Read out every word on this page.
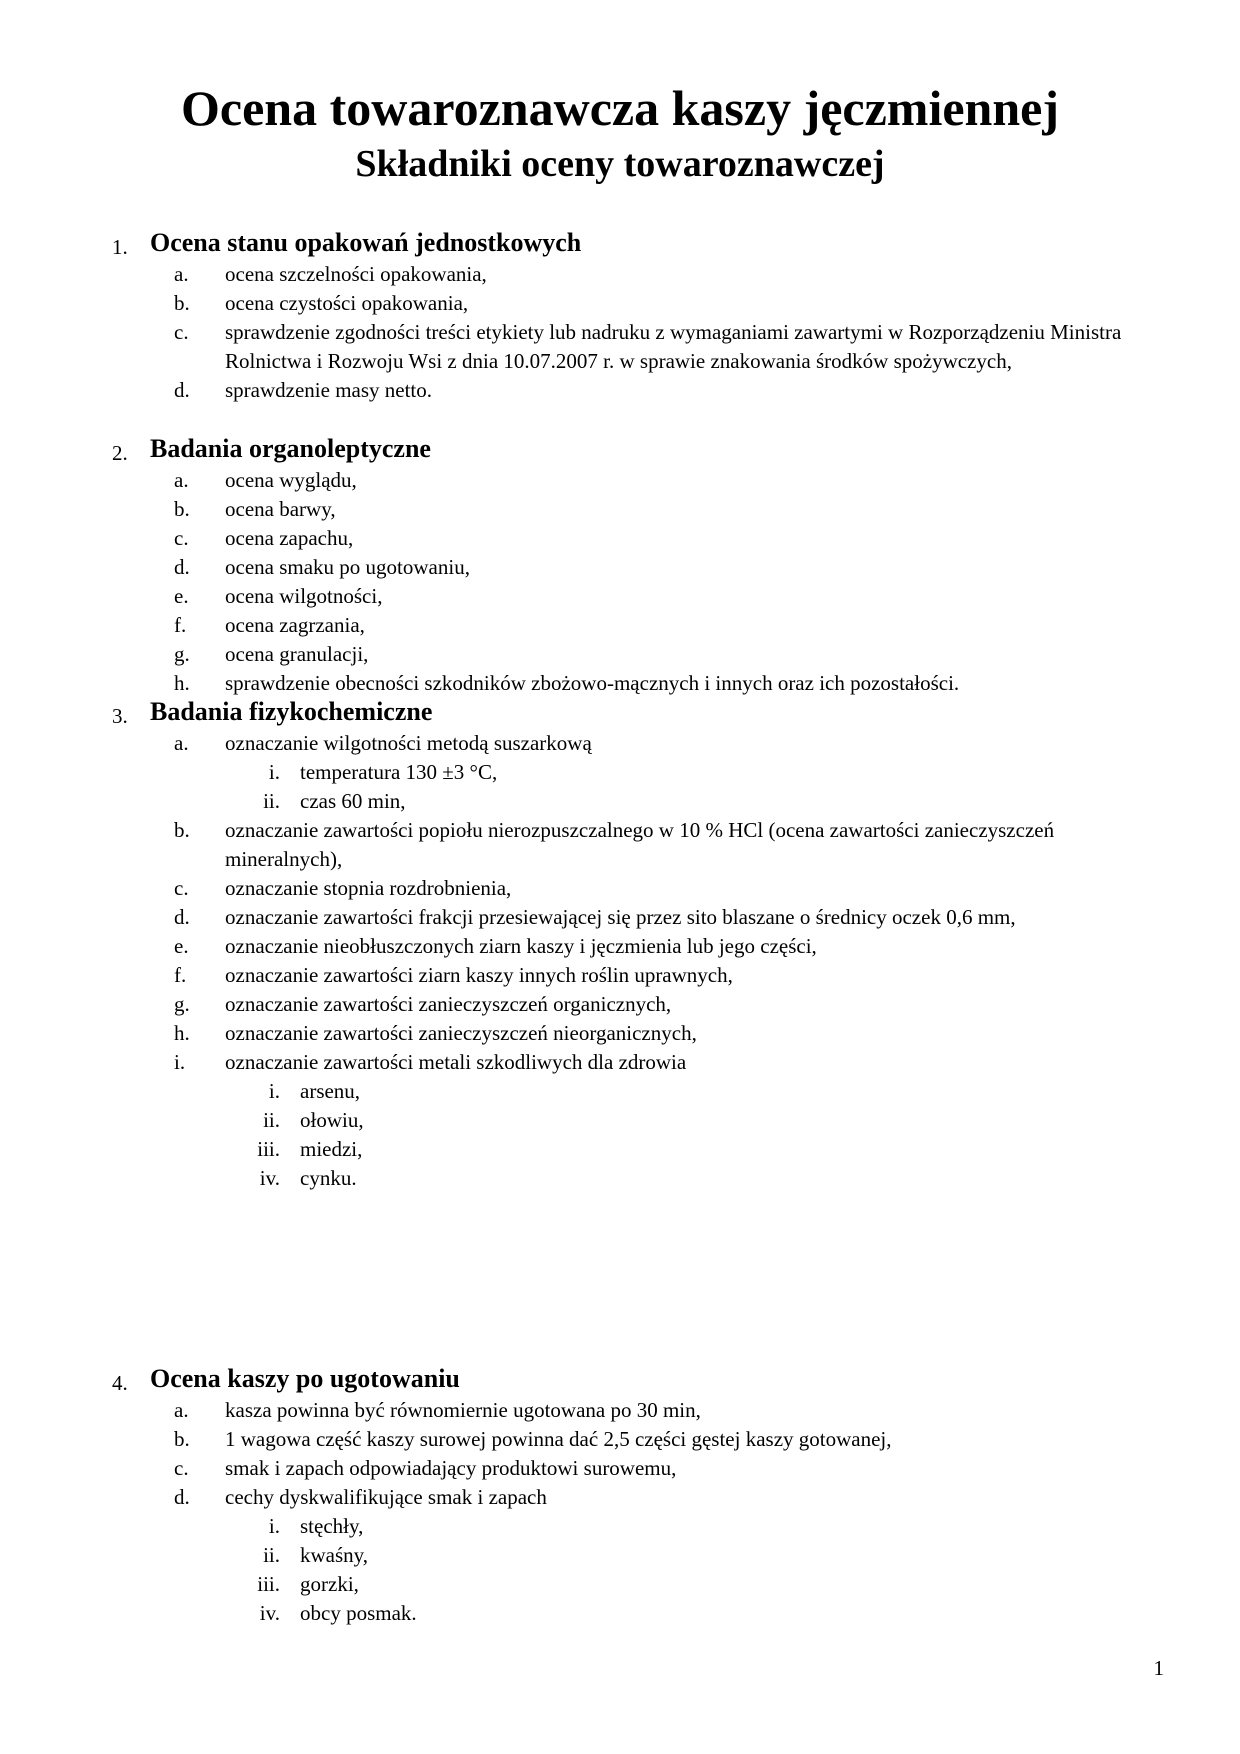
Ocena towaroznawcza kaszy jęczmiennej
Składniki oceny towaroznawczej
1. Ocena stanu opakowań jednostkowych
a.	ocena szczelności opakowania,
b.	ocena czystości opakowania,
c.	sprawdzenie zgodności treści etykiety lub nadruku z wymaganiami zawartymi w Rozporządzeniu Ministra Rolnictwa i Rozwoju Wsi z dnia 10.07.2007 r. w sprawie znakowania środków spożywczych,
d.	sprawdzenie masy netto.
2. Badania organoleptyczne
a.	ocena wyglądu,
b.	ocena barwy,
c.	ocena zapachu,
d.	ocena smaku po ugotowaniu,
e.	ocena wilgotności,
f.	ocena zagrzania,
g.	ocena granulacji,
h.	sprawdzenie obecności szkodników zbożowo-mącznych i innych oraz ich pozostałości.
3. Badania fizykochemiczne
a.	oznaczanie wilgotności metodą suszarkową
i. temperatura 130 ±3 °C,
ii. czas 60 min,
b.	oznaczanie zawartości popiołu nierozpuszczalnego w 10 % HCl (ocena zawartości zanieczyszczeń mineralnych),
c.	oznaczanie stopnia rozdrobnienia,
d.	oznaczanie zawartości frakcji przesiewającej się przez sito blaszane o średnicy oczek 0,6 mm,
e.	oznaczanie nieobłuszczonych ziarn kaszy i jęczmienia lub jego części,
f.	oznaczanie zawartości ziarn kaszy innych roślin uprawnych,
g.	oznaczanie zawartości zanieczyszczeń organicznych,
h.	oznaczanie zawartości zanieczyszczeń nieorganicznych,
i.	oznaczanie zawartości metali szkodliwych dla zdrowia
i. arsenu,
ii. ołowiu,
iii. miedzi,
iv. cynku.
4. Ocena kaszy po ugotowaniu
a.	kasza powinna być równomiernie ugotowana po 30 min,
b.	1 wagowa część kaszy surowej powinna dać 2,5 części gęstej kaszy gotowanej,
c.	smak i zapach odpowiadający produktowi surowemu,
d.	cechy dyskwalifikujące smak i zapach
i. stęchły,
ii. kwaśny,
iii. gorzki,
iv. obcy posmak.
1
